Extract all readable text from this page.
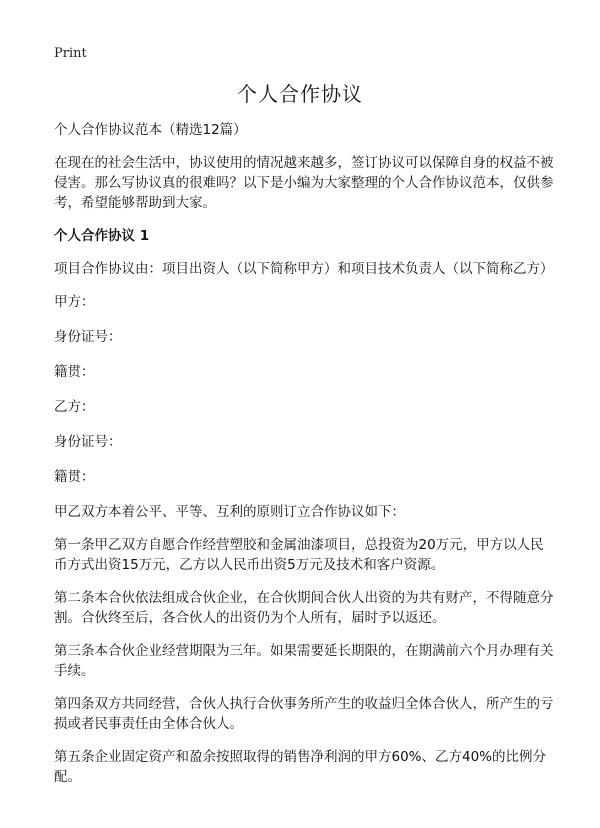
Print
个人合作协议

个人合作协议范本（精选12篇）

在现在的社会生活中，协议使用的情况越来越多，签订协议可以保障自身的权益不被侵害。那么写协议真的很难吗？以下是小编为大家整理的个人合作协议范本，仅供参考，希望能够帮助到大家。

个人合作协议 1

项目合作协议由：项目出资人（以下简称甲方）和项目技术负责人（以下简称乙方）

甲方：

身份证号：

籍贯：

乙方：

身份证号：

籍贯：

甲乙双方本着公平、平等、互利的原则订立合作协议如下：

第一条甲乙双方自愿合作经营塑胶和金属油漆项目，总投资为20万元，甲方以人民币方式出资15万元，乙方以人民币出资5万元及技术和客户资源。

第二条本合伙依法组成合伙企业，在合伙期间合伙人出资的为共有财产，不得随意分割。合伙终至后，各合伙人的出资仍为个人所有，届时予以返还。

第三条本合伙企业经营期限为三年。如果需要延长期限的，在期满前六个月办理有关手续。

第四条双方共同经营，合伙人执行合伙事务所产生的收益归全体合伙人，所产生的亏损或者民事责任由全体合伙人。

第五条企业固定资产和盈余按照取得的销售净利润的甲方60%、乙方40%的比例分配。
